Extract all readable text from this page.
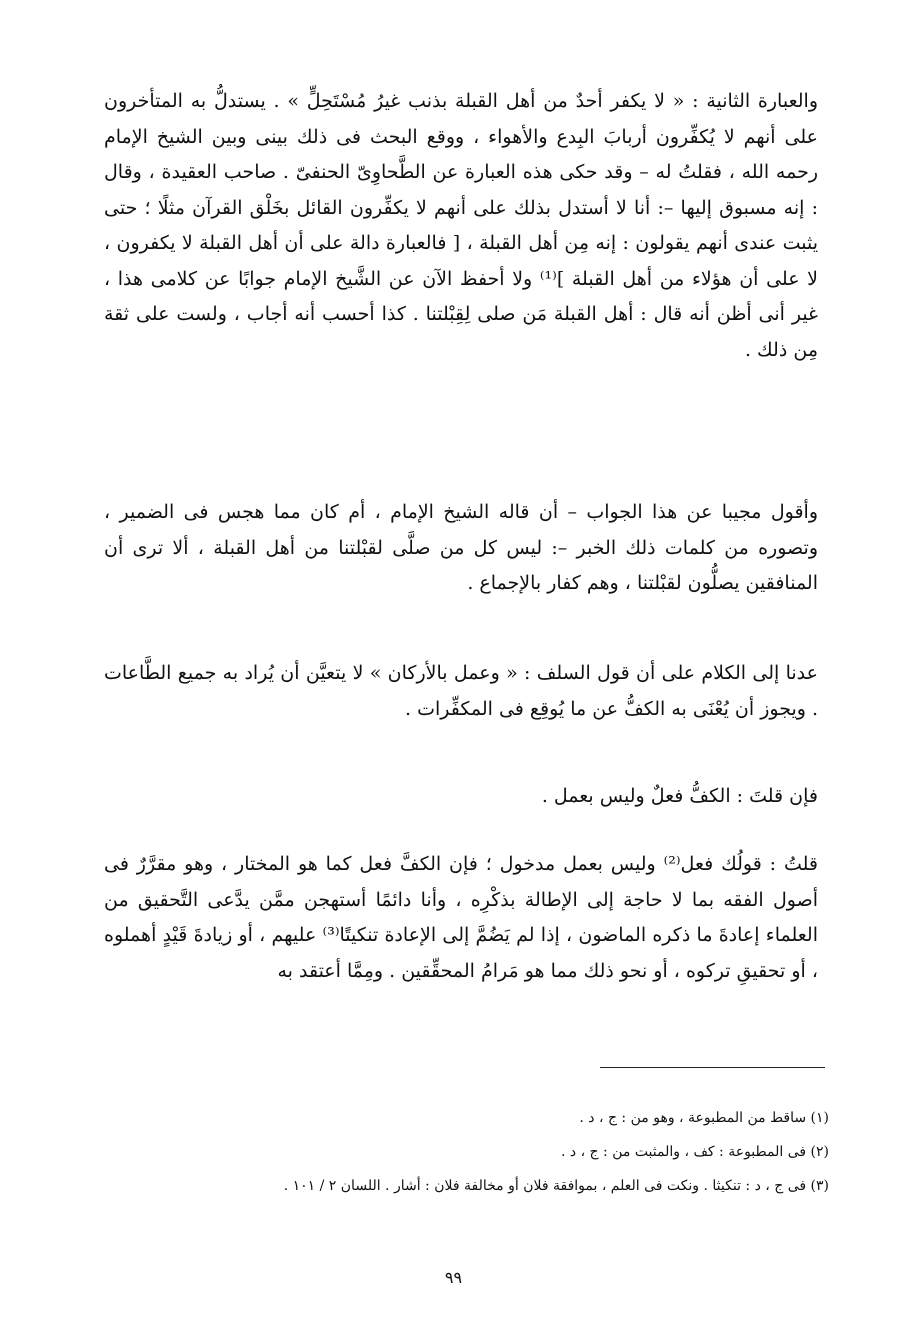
والعبارة الثانية : « لا يكفر أحدٌ من أهل القبلة بذنب غيرُ مُسْتَحِلٍّ » . يستدلُّ به المتأخرون على أنهم لا يُكفِّرون أربابَ البِدع والأهواء ، ووقع البحث فى ذلك بينى وبين الشيخ الإمام رحمه الله ، فقلتُ له – وقد حكى هذه العبارة عن الطَّحاوِىّ الحنفىّ . صاحب العقيدة ، وقال : إنه مسبوق إليها –: أنا لا أستدل بذلك على أنهم لا يكفِّرون القائل بخَلْق القرآن مثلًا ؛ حتى يثبت عندى أنهم يقولون : إنه مِن أهل القبلة ، [ فالعبارة دالة على أن أهل القبلة لا يكفرون ، لا على أن هؤلاء من أهل القبلة ]⁽¹⁾ ولا أحفظ الآن عن الشَّيخ الإمام جوابًا عن كلامى هذا ، غير أنى أظن أنه قال : أهل القبلة مَن صلى لِقِبْلتنا . كذا أحسب أنه أجاب ، ولست على ثقة مِن ذلك .
وأقول مجيبا عن هذا الجواب – أن قاله الشيخ الإمام ، أم كان مما هجس فى الضمير ، وتصوره من كلمات ذلك الخبر –: ليس كل من صلَّى لقبْلتنا من أهل القبلة ، ألا ترى أن المنافقين يصلُّون لقبْلتنا ، وهم كفار بالإجماع .
عدنا إلى الكلام على أن قول السلف : « وعمل بالأركان » لا يتعيَّن أن يُراد به جميع الطَّاعات . ويجوز أن يُعْنَى به الكفُّ عن ما يُوقِع فى المكفِّرات .
فإن قلتَ : الكفُّ فعلٌ وليس بعمل .
قلتُ : قولُك فعل⁽²⁾ وليس بعمل مدخول ؛ فإن الكفَّ فعل كما هو المختار ، وهو مقرَّرٌ فى أصول الفقه بما لا حاجة إلى الإطالة بذكْرِه ، وأنا دائمًا أستهجن ممَّن يدَّعى التَّحقيق من العلماء إعادةَ ما ذكره الماضون ، إذا لم يَضُمَّ إلى الإعادة تنكيتًا⁽³⁾ عليهم ، أو زيادةَ قَيْدٍ أهملوه ، أو تحقيقِ تركوه ، أو نحو ذلك مما هو مَرامُ المحقِّقين . ومِمَّا أعتقد به
(١) ساقط من المطبوعة ، وهو من : ج ، د .
(٢) فى المطبوعة : كف ، والمثبت من : ج ، د .
(٣) فى ج ، د : تنكيثا . ونكت فى العلم ، بموافقة فلان أو مخالفة فلان : أشار . اللسان ٢ / ١٠١ .
٩٩
